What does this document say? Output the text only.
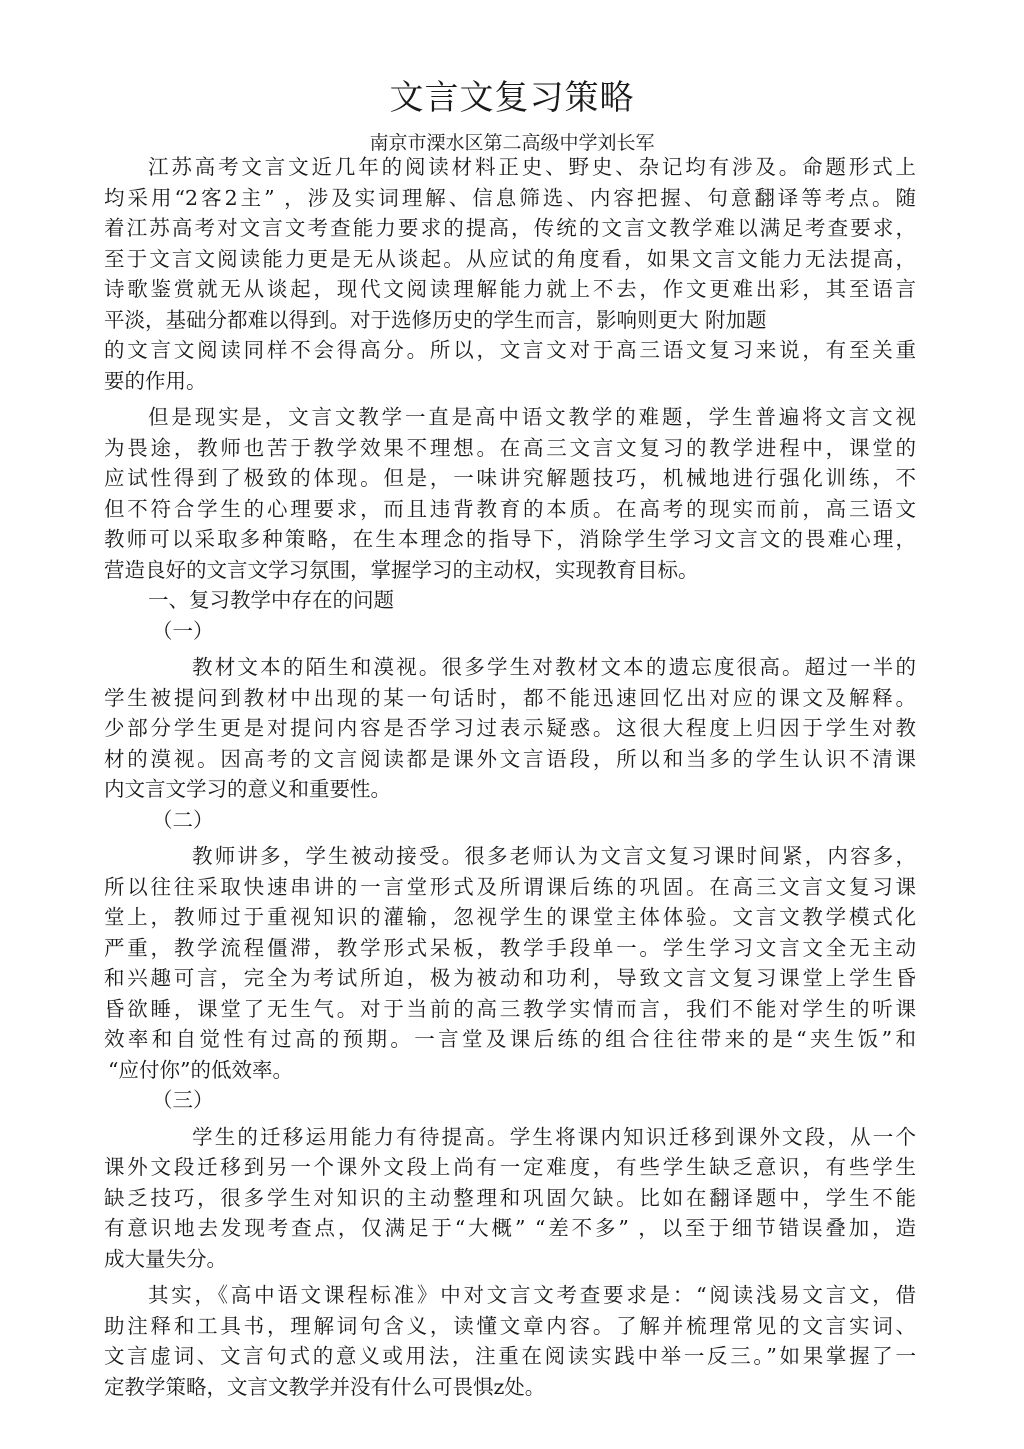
文言文复习策略

南京市溧水区第二高级中学刘长军

江苏高考文言文近几年的阅读材料正史、野史、杂记均有涉及。命题形式上
均采用“2客2主” ，涉及实词理解、信息筛选、内容把握、句意翻译等考点。随
着江苏高考对文言文考查能力要求的提高，传统的文言文教学难以满足考查要求，
至于文言文阅读能力更是无从谈起。从应试的角度看，如果文言文能力无法提高，
诗歌鉴赏就无从谈起，现代文阅读理解能力就上不去，作文更难出彩，其至语言
平淡，基础分都难以得到。对于选修历史的学生而言，影响则更大 附加题
的文言文阅读同样不会得高分。所以，文言文对于高三语文复习来说，有至关重
要的作用。
但是现实是，文言文教学一直是高中语文教学的难题，学生普遍将文言文视
为畏途，教师也苦于教学效果不理想。在高三文言文复习的教学进程中，课堂的
应试性得到了极致的体现。但是，一味讲究解题技巧，机械地进行强化训练，不
但不符合学生的心理要求，而且违背教育的本质。在高考的现实而前，高三语文
教师可以采取多种策略，在生本理念的指导下，消除学生学习文言文的畏难心理，
营造良好的文言文学习氛围，掌握学习的主动权，实现教育目标。
一、复习教学中存在的问题
（一）
教材文本的陌生和漠视。很多学生对教材文本的遗忘度很高。超过一半的
学生被提问到教材中出现的某一句话时，都不能迅速回忆出对应的课文及解释。
少部分学生更是对提问内容是否学习过表示疑惑。这很大程度上归因于学生对教
材的漠视。因高考的文言阅读都是课外文言语段，所以和当多的学生认识不清课
内文言文学习的意义和重要性。
（二）
教师讲多，学生被动接受。很多老师认为文言文复习课时间紧，内容多，
所以往往采取快速串讲的一言堂形式及所谓课后练的巩固。在高三文言文复习课
堂上，教师过于重视知识的灌输，忽视学生的课堂主体体验。文言文教学模式化
严重，教学流程僵滞，教学形式呆板，教学手段单一。学生学习文言文全无主动
和兴趣可言，完全为考试所迫，极为被动和功利，导致文言文复习课堂上学生昏
昏欲睡，课堂了无生气。对于当前的高三教学实情而言，我们不能对学生的听课
效率和自觉性有过高的预期。一言堂及课后练的组合往往带来的是“夹生饭”和
“应付你”的低效率。
（三）
学生的迁移运用能力有待提高。学生将课内知识迁移到课外文段，从一个
课外文段迁移到另一个课外文段上尚有一定难度，有些学生缺乏意识，有些学生
缺乏技巧，很多学生对知识的主动整理和巩固欠缺。比如在翻译题中，学生不能
有意识地去发现考查点，仅满足于“大概” “差不多” ，以至于细节错误叠加，造
成大量失分。
其实，《高中语文课程标准》中对文言文考查要求是：“阅读浅易文言文，借
助注释和工具书，理解词句含义，读懂文章内容。了解并梳理常见的文言实词、
文言虚词、文言句式的意义或用法，注重在阅读实践中举一反三。”如果掌握了一
定教学策略，文言文教学并没有什么可畏惧z处。
